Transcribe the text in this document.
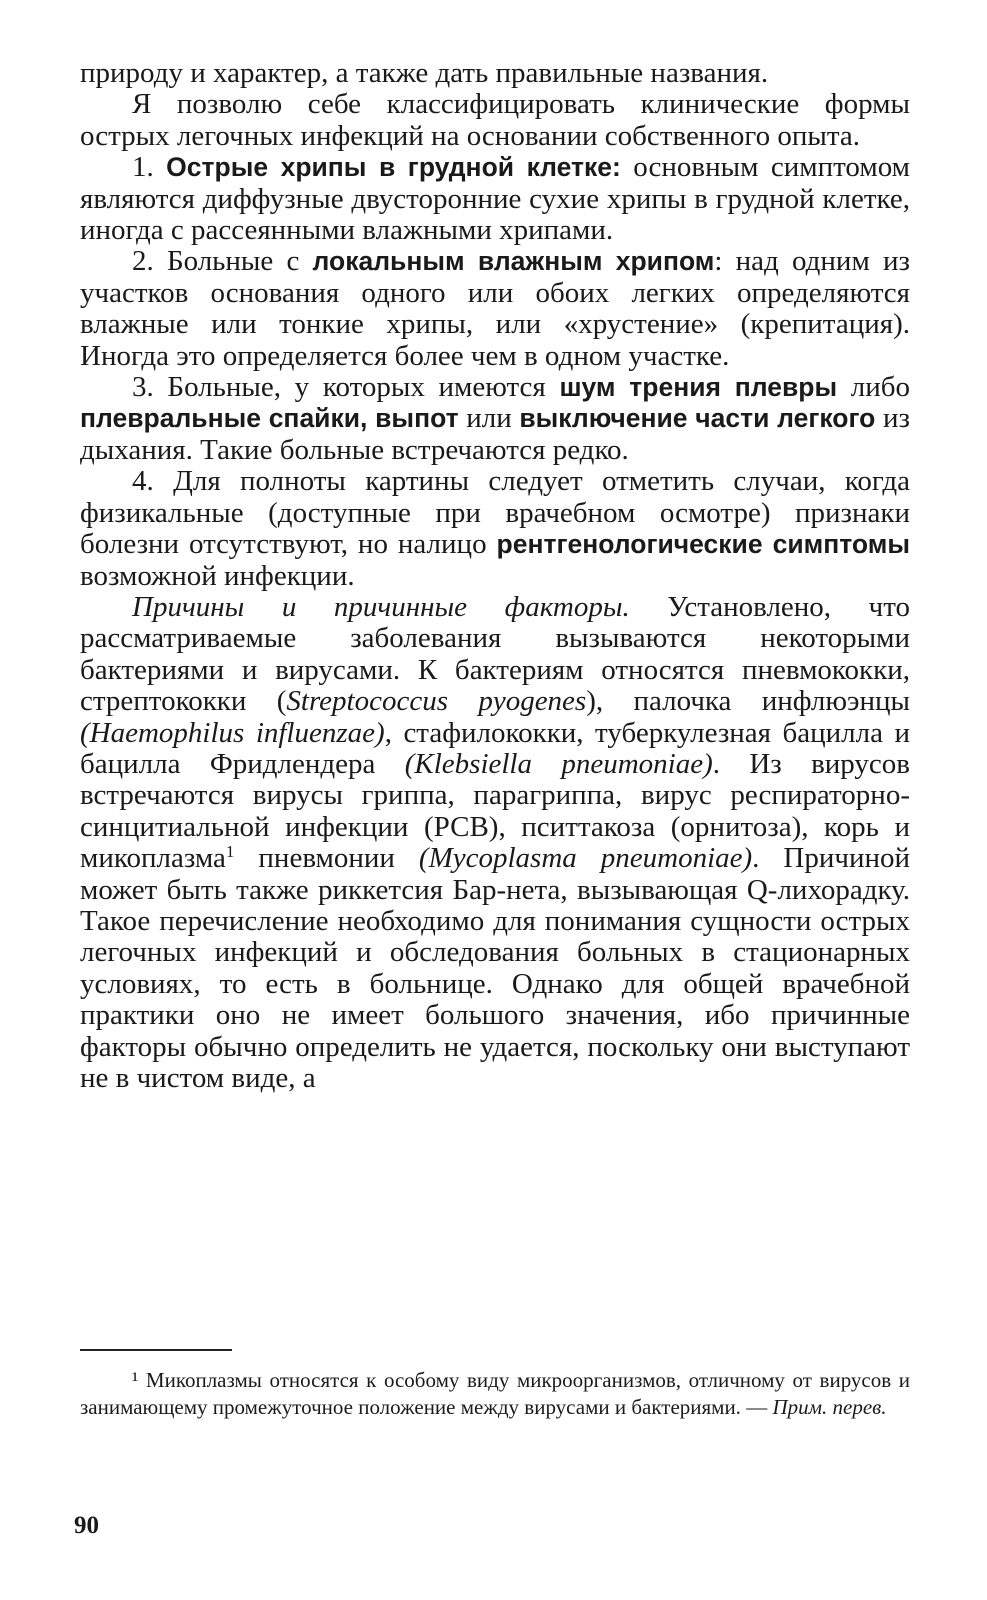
природу и характер, а также дать правильные названия.

Я позволю себе классифицировать клинические формы острых легочных инфекций на основании собственного опыта.

1. Острые хрипы в грудной клетке: основным симптомом являются диффузные двусторонние сухие хрипы в грудной клетке, иногда с рассеянными влажными хрипами.

2. Больные с локальным влажным хрипом: над одним из участков основания одного или обоих легких определяются влажные или тонкие хрипы, или «хрустение» (крепитация). Иногда это определяется более чем в одном участке.

3. Больные, у которых имеются шум трения плевры либо плевральные спайки, выпот или выключение части легкого из дыхания. Такие больные встречаются редко.

4. Для полноты картины следует отметить случаи, когда физикальные (доступные при врачебном осмотре) признаки болезни отсутствуют, но налицо рентгенологические симптомы возможной инфекции.

Причины и причинные факторы. Установлено, что рассматриваемые заболевания вызываются некоторыми бактериями и вирусами. К бактериям относятся пневмококки, стрептококки (Streptococcus pyogenes), палочка инфлюэнцы (Haemophilus influenzae), стафилококки, туберкулезная бацилла и бацилла Фридлендера (Klebsiella pneumoniae). Из вирусов встречаются вирусы гриппа, парагриппа, вирус респираторно-синцитиальной инфекции (РСВ), пситтакоза (орнитоза), корь и микоплазма$^1$ пневмонии (Mycoplasma pneumoniae). Причиной может быть также риккетсия Бар-нета, вызывающая Q-лихорадку. Такое перечисление необходимо для понимания сущности острых легочных инфекций и обследования больных в стационарных условиях, то есть в больнице. Однако для общей врачебной практики оно не имеет большого значения, ибо причинные факторы обычно определить не удается, поскольку они выступают не в чистом виде, а

¹ Микоплазмы относятся к особому виду микроорганизмов, отличному от вирусов и занимающему промежуточное положение между вирусами и бактериями. — Прим. перев.

90
